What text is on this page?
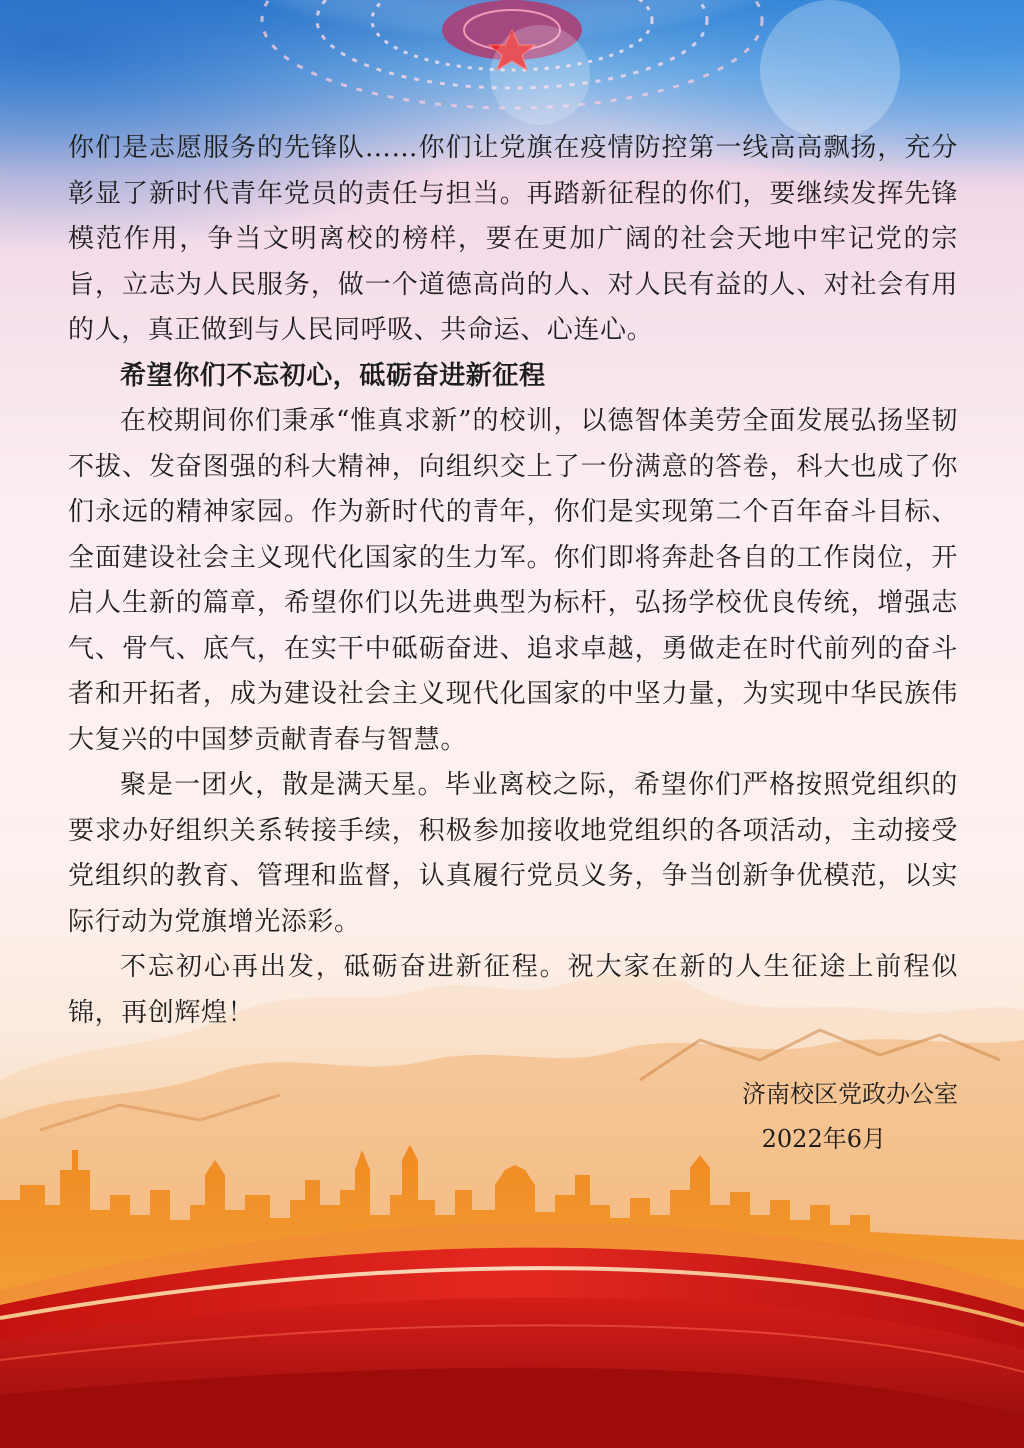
你们是志愿服务的先锋队……你们让党旗在疫情防控第一线高高飘扬，充分彰显了新时代青年党员的责任与担当。再踏新征程的你们，要继续发挥先锋模范作用，争当文明离校的榜样，要在更加广阔的社会天地中牢记党的宗旨，立志为人民服务，做一个道德高尚的人、对人民有益的人、对社会有用的人，真正做到与人民同呼吸、共命运、心连心。

希望你们不忘初心，砥砺奋进新征程

在校期间你们秉承“惟真求新”的校训，以德智体美劳全面发展弘扬坚韧不拔、发奋图强的科大精神，向组织交上了一份满意的答卷，科大也成了你们永远的精神家园。作为新时代的青年，你们是实现第二个百年奋斗目标、全面建设社会主义现代化国家的生力军。你们即将奔赴各自的工作岗位，开启人生新的篇章，希望你们以先进典型为标杆，弘扬学校优良传统，增强志气、骨气、底气，在实干中砥砺奋进、追求卓越，勇做走在时代前列的奋斗者和开拓者，成为建设社会主义现代化国家的中坚力量，为实现中华民族伟大复兴的中国梦贡献青春与智慧。

聚是一团火，散是满天星。毕业离校之际，希望你们严格按照党组织的要求办好组织关系转接手续，积极参加接收地党组织的各项活动，主动接受党组织的教育、管理和监督，认真履行党员义务，争当创新争优模范，以实际行动为党旗增光添彩。

不忘初心再出发，砥砺奋进新征程。祝大家在新的人生征途上前程似锦，再创辉煌！

济南校区党政办公室
2022年6月
